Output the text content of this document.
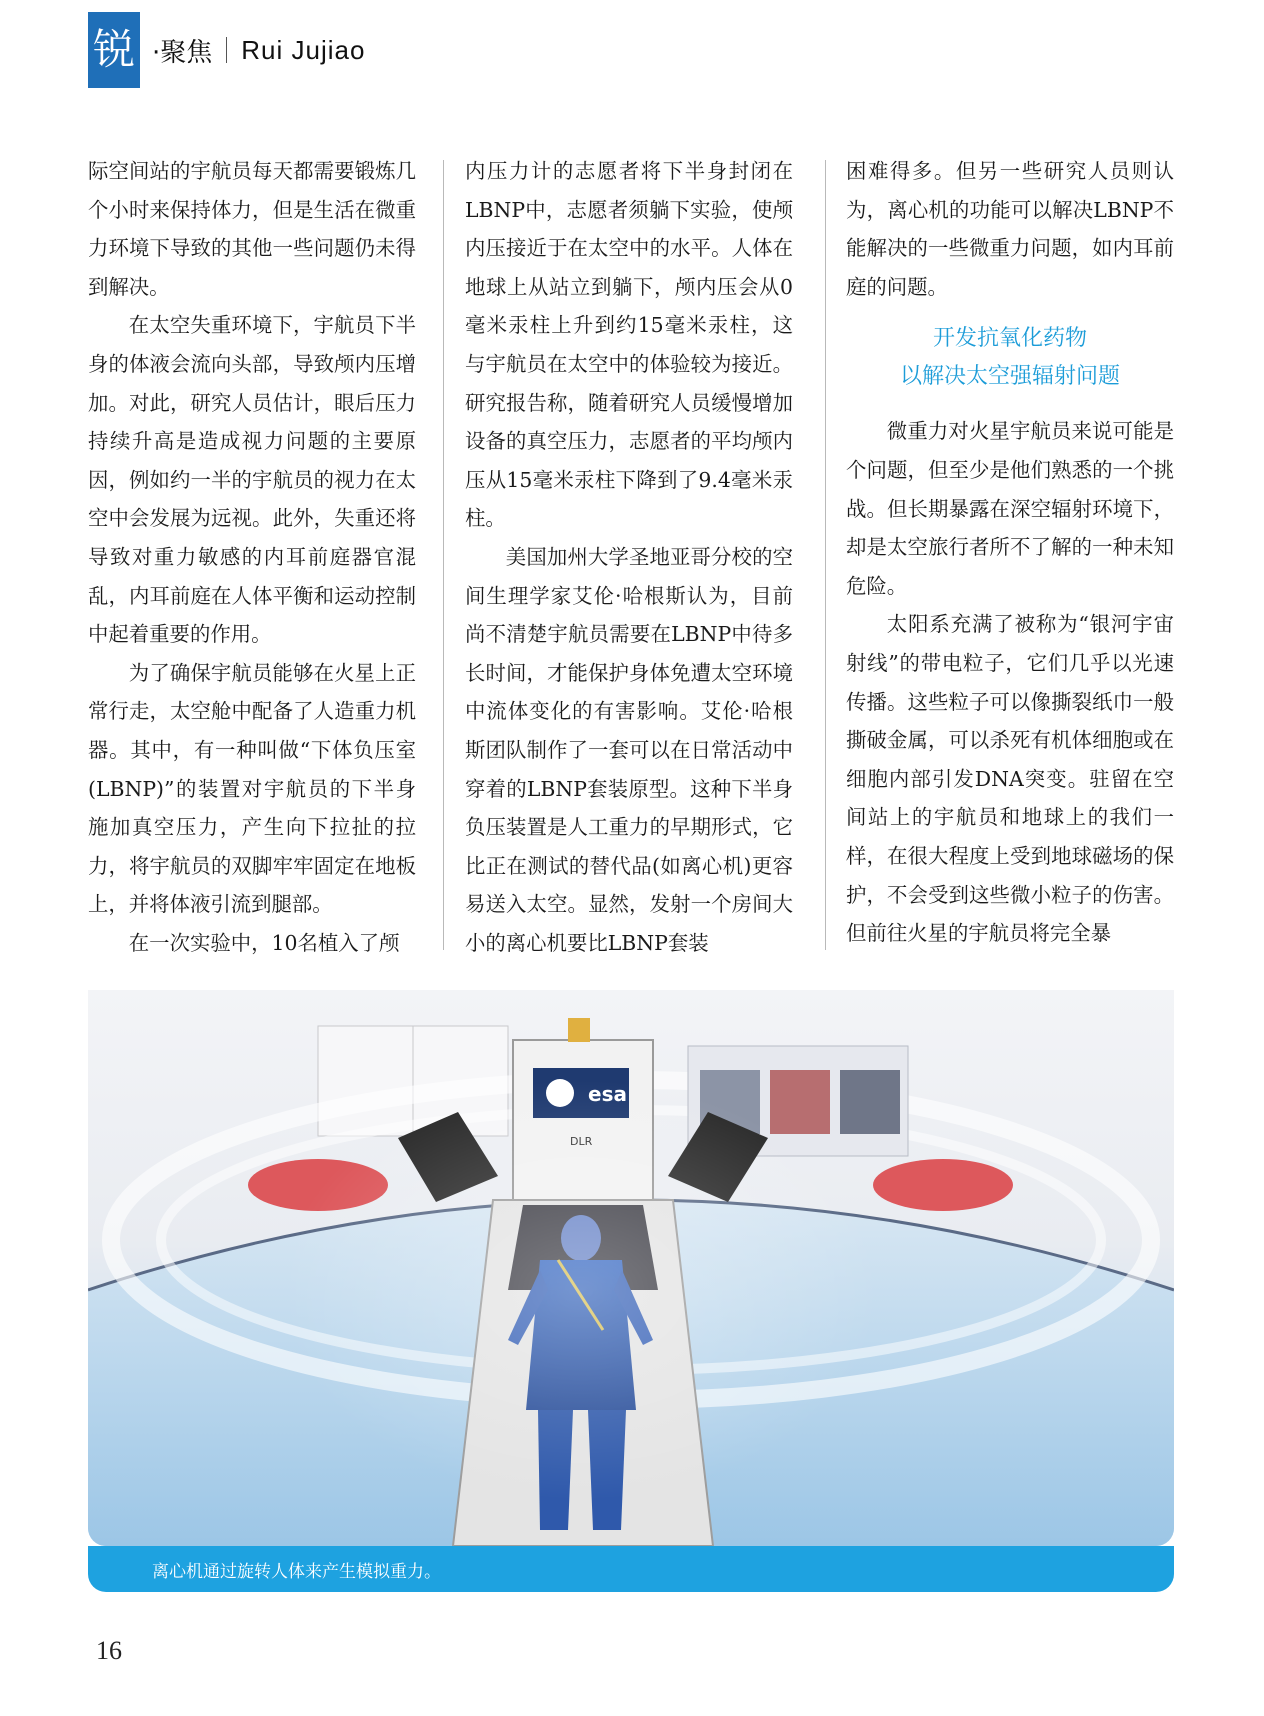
锐 ·聚焦 Rui Jujiao

际空间站的宇航员每天都需要锻炼几个小时来保持体力，但是生活在微重力环境下导致的其他一些问题仍未得到解决。

在太空失重环境下，宇航员下半身的体液会流向头部，导致颅内压增加。对此，研究人员估计，眼后压力持续升高是造成视力问题的主要原因，例如约一半的宇航员的视力在太空中会发展为远视。此外，失重还将导致对重力敏感的内耳前庭器官混乱，内耳前庭在人体平衡和运动控制中起着重要的作用。

为了确保宇航员能够在火星上正常行走，太空舱中配备了人造重力机器。其中，有一种叫做“下体负压室(LBNP)”的装置对宇航员的下半身施加真空压力，产生向下拉扯的拉力，将宇航员的双脚牢牢固定在地板上，并将体液引流到腿部。

在一次实验中，10名植入了颅

内压力计的志愿者将下半身封闭在LBNP中，志愿者须躺下实验，使颅内压接近于在太空中的水平。人体在地球上从站立到躺下，颅内压会从0毫米汞柱上升到约15毫米汞柱，这与宇航员在太空中的体验较为接近。研究报告称，随着研究人员缓慢增加设备的真空压力，志愿者的平均颅内压从15毫米汞柱下降到了9.4毫米汞柱。

美国加州大学圣地亚哥分校的空间生理学家艾伦·哈根斯认为，目前尚不清楚宇航员需要在LBNP中待多长时间，才能保护身体免遭太空环境中流体变化的有害影响。艾伦·哈根斯团队制作了一套可以在日常活动中穿着的LBNP套装原型。这种下半身负压装置是人工重力的早期形式，它比正在测试的替代品(如离心机)更容易送入太空。显然，发射一个房间大小的离心机要比LBNP套装

困难得多。但另一些研究人员则认为，离心机的功能可以解决LBNP不能解决的一些微重力问题，如内耳前庭的问题。

开发抗氧化药物
以解决太空强辐射问题

微重力对火星宇航员来说可能是个问题，但至少是他们熟悉的一个挑战。但长期暴露在深空辐射环境下，却是太空旅行者所不了解的一种未知危险。

太阳系充满了被称为“银河宇宙射线”的带电粒子，它们几乎以光速传播。这些粒子可以像撕裂纸巾一般撕破金属，可以杀死有机体细胞或在细胞内部引发DNA突变。驻留在空间站上的宇航员和地球上的我们一样，在很大程度上受到地球磁场的保护，不会受到这些微小粒子的伤害。但前往火星的宇航员将完全暴

esa
DLR
离心机通过旋转人体来产生模拟重力。
16
